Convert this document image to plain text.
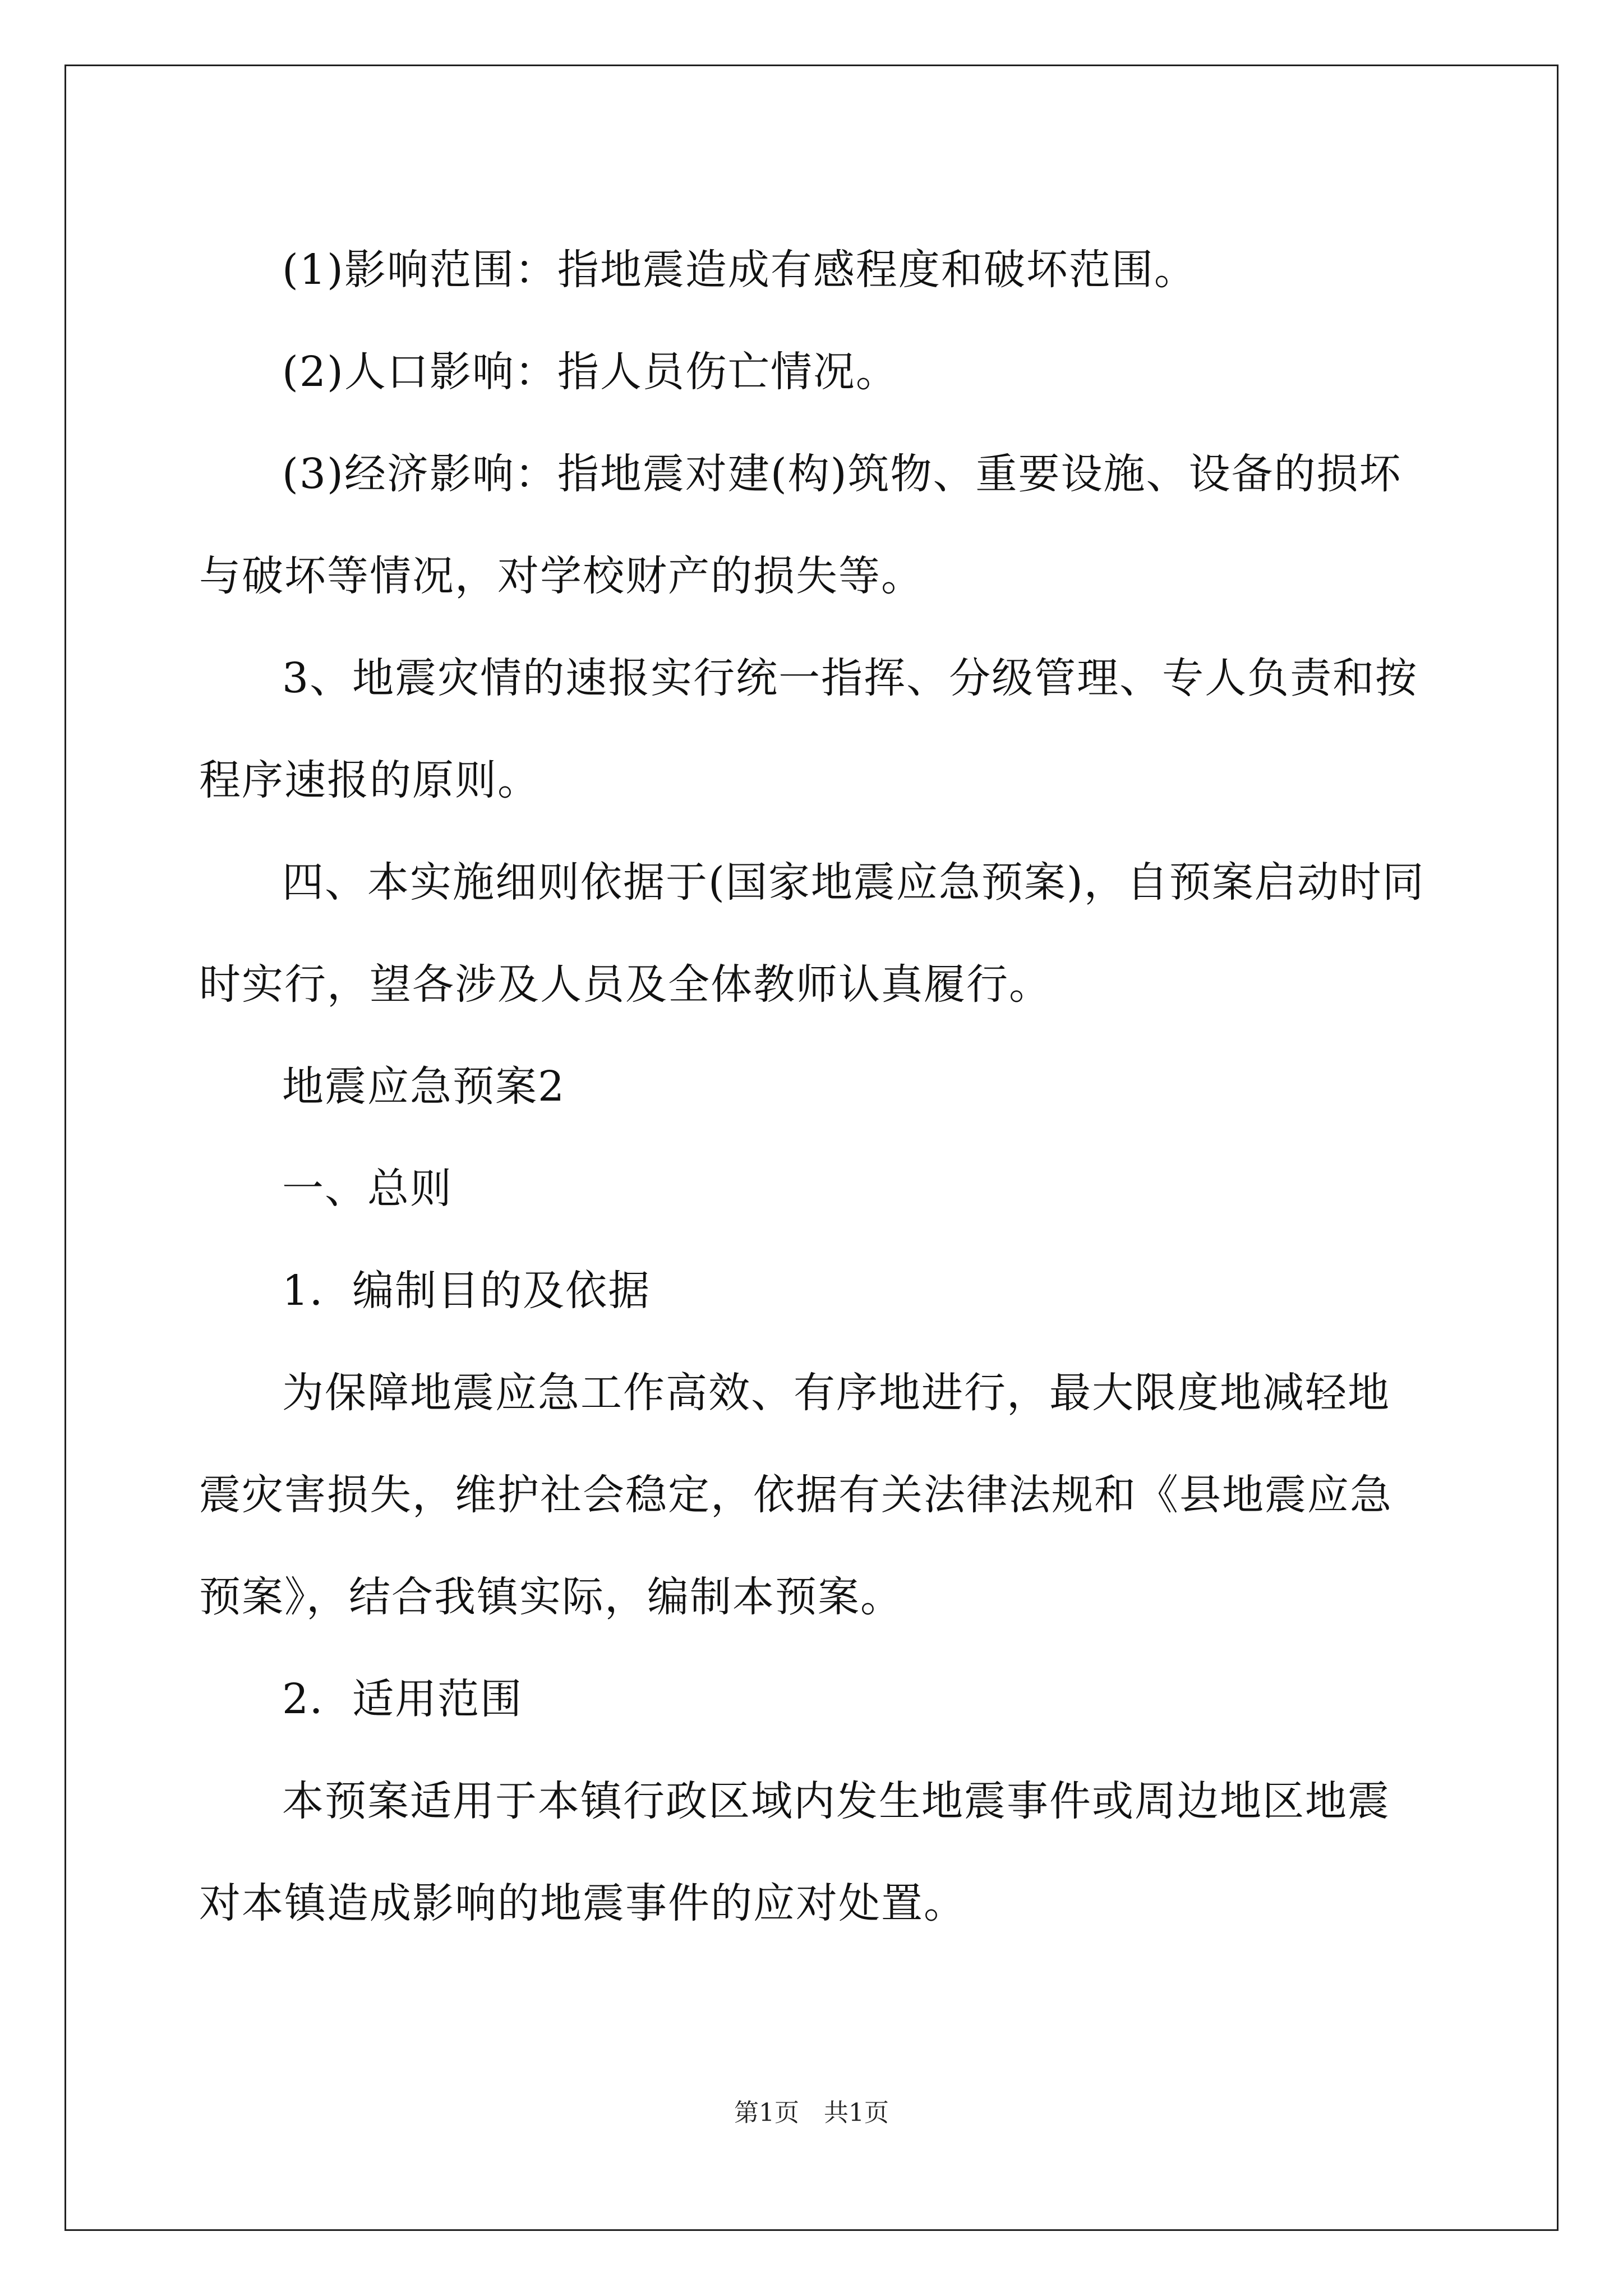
(1)影响范围：指地震造成有感程度和破坏范围。

(2)人口影响：指人员伤亡情况。

(3)经济影响：指地震对建(构)筑物、重要设施、设备的损坏与破坏等情况，对学校财产的损失等。

3、地震灾情的速报实行统一指挥、分级管理、专人负责和按程序速报的原则。

四、本实施细则依据于(国家地震应急预案)，自预案启动时同时实行，望各涉及人员及全体教师认真履行。

地震应急预案2

一、总则

1．编制目的及依据

为保障地震应急工作高效、有序地进行，最大限度地减轻地震灾害损失，维护社会稳定，依据有关法律法规和《县地震应急预案》，结合我镇实际，编制本预案。

2．适用范围

本预案适用于本镇行政区域内发生地震事件或周边地区地震对本镇造成影响的地震事件的应对处置。

第1页　共1页
